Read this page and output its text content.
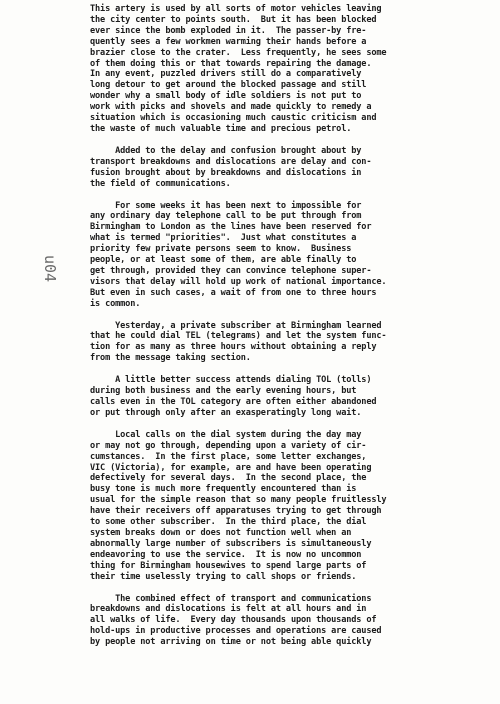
u04
This artery is used by all sorts of motor vehicles leaving
the city center to points south.  But it has been blocked
ever since the bomb exploded in it.  The passer-by fre-
quently sees a few workmen warming their hands before a
brazier close to the crater.  Less frequently, he sees some
of them doing this or that towards repairing the damage.
In any event, puzzled drivers still do a comparatively
long detour to get around the blocked passage and still
wonder why a small body of idle soldiers is not put to
work with picks and shovels and made quickly to remedy a
situation which is occasioning much caustic criticism and
the waste of much valuable time and precious petrol.
Added to the delay and confusion brought about by
transport breakdowns and dislocations are delay and con-
fusion brought about by breakdowns and dislocations in
the field of communications.
For some weeks it has been next to impossible for
any ordinary day telephone call to be put through from
Birmingham to London as the lines have been reserved for
what is termed "priorities".  Just what constitutes a
priority few private persons seem to know.  Business
people, or at least some of them, are able finally to
get through, provided they can convince telephone super-
visors that delay will hold up work of national importance.
But even in such cases, a wait of from one to three hours
is common.
Yesterday, a private subscriber at Birmingham learned
that he could dial TEL (telegrams) and let the system func-
tion for as many as three hours without obtaining a reply
from the message taking section.
A little better success attends dialing TOL (tolls)
during both business and the early evening hours, but
calls even in the TOL category are often either abandoned
or put through only after an exasperatingly long wait.
Local calls on the dial system during the day may
or may not go through, depending upon a variety of cir-
cumstances.  In the first place, some letter exchanges,
VIC (Victoria), for example, are and have been operating
defectively for several days.  In the second place, the
busy tone is much more frequently encountered than is
usual for the simple reason that so many people fruitlessly
have their receivers off apparatuses trying to get through
to some other subscriber.  In the third place, the dial
system breaks down or does not function well when an
abnormally large number of subscribers is simultaneously
endeavoring to use the service.  It is now no uncommon
thing for Birmingham housewives to spend large parts of
their time uselessly trying to call shops or friends.
The combined effect of transport and communications
breakdowns and dislocations is felt at all hours and in
all walks of life.  Every day thousands upon thousands of
hold-ups in productive processes and operations are caused
by people not arriving on time or not being able quickly
